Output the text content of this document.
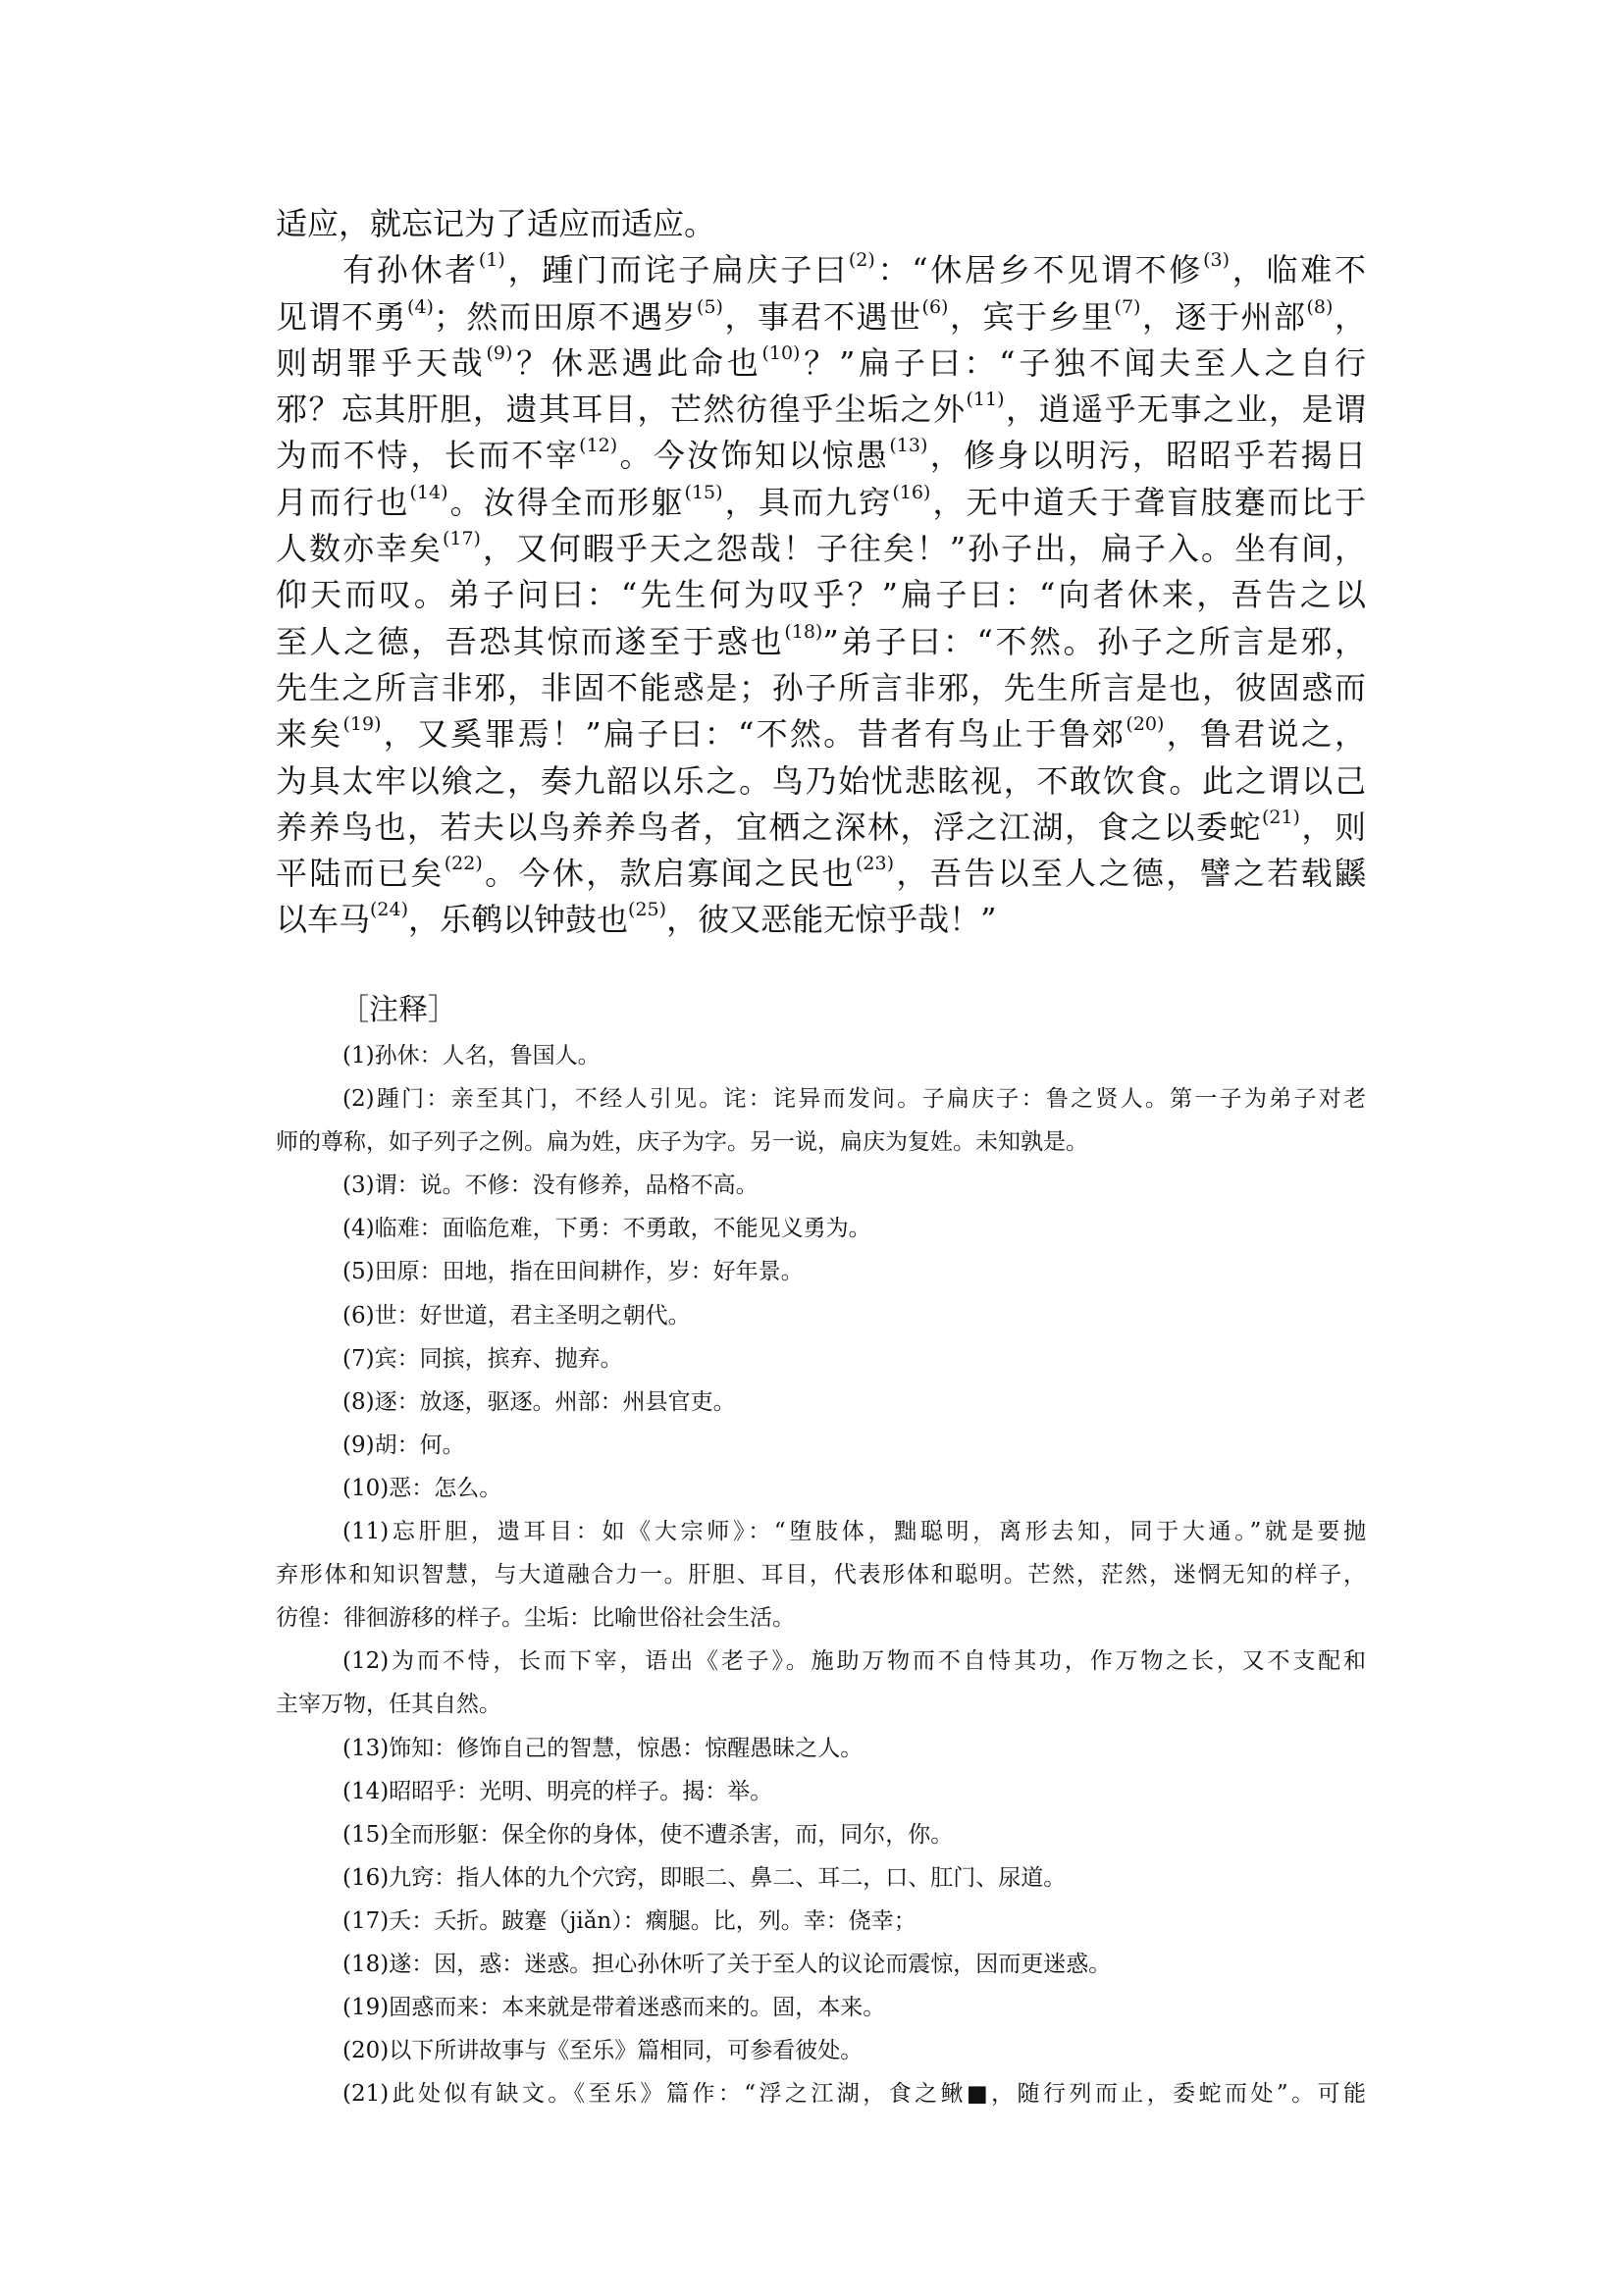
适应，就忘记为了适应而适应。
有孙休者$^{(1)}$，踵门而诧子扁庆子曰$^{(2)}$：“休居乡不见谓不修$^{(3)}$，临难不
见谓不勇$^{(4)}$；然而田原不遇岁$^{(5)}$，事君不遇世$^{(6)}$，宾于乡里$^{(7)}$，逐于州部$^{(8)}$，
则胡罪乎天哉$^{(9)}$？休恶遇此命也$^{(10)}$？”扁子曰：“子独不闻夫至人之自行
邪？忘其肝胆，遗其耳目，芒然彷徨乎尘垢之外$^{(11)}$，逍遥乎无事之业，是谓
为而不恃，长而不宰$^{(12)}$。今汝饰知以惊愚$^{(13)}$，修身以明污，昭昭乎若揭日
月而行也$^{(14)}$。汝得全而形躯$^{(15)}$，具而九窍$^{(16)}$，无中道夭于聋盲肢蹇而比于
人数亦幸矣$^{(17)}$，又何暇乎天之怨哉！子往矣！”孙子出，扁子入。坐有间，
仰天而叹。弟子问曰：“先生何为叹乎？”扁子曰：“向者休来，吾告之以
至人之德，吾恐其惊而遂至于惑也$^{(18)}$”弟子曰：“不然。孙子之所言是邪，
先生之所言非邪，非固不能惑是；孙子所言非邪，先生所言是也，彼固惑而
来矣$^{(19)}$，又奚罪焉！”扁子曰：“不然。昔者有鸟止于鲁郊$^{(20)}$，鲁君说之，
为具太牢以飨之，奏九韶以乐之。鸟乃始忧悲眩视，不敢饮食。此之谓以己
养养鸟也，若夫以鸟养养鸟者，宜栖之深林，浮之江湖，食之以委蛇$^{(21)}$，则
平陆而已矣$^{(22)}$。今休，款启寡闻之民也$^{(23)}$，吾告以至人之德，譬之若载鼷
以车马$^{(24)}$，乐鹌以钟鼓也$^{(25)}$，彼又恶能无惊乎哉！”
［注释］
(1)孙休：人名，鲁国人。
(2)踵门：亲至其门，不经人引见。诧：诧异而发问。子扁庆子：鲁之贤人。第一子为弟子对老
师的尊称，如子列子之例。扁为姓，庆子为字。另一说，扁庆为复姓。未知孰是。
(3)谓：说。不修：没有修养，品格不高。
(4)临难：面临危难，下勇：不勇敢，不能见义勇为。
(5)田原：田地，指在田间耕作，岁：好年景。
(6)世：好世道，君主圣明之朝代。
(7)宾：同摈，摈弃、抛弃。
(8)逐：放逐，驱逐。州部：州县官吏。
(9)胡：何。
(10)恶：怎么。
(11)忘肝胆，遗耳目：如《大宗师》：“堕肢体，黜聪明，离形去知，同于大通。”就是要抛
弃形体和知识智慧，与大道融合力一。肝胆、耳目，代表形体和聪明。芒然，茫然，迷惘无知的样子，
彷徨：徘徊游移的样子。尘垢：比喻世俗社会生活。
(12)为而不恃，长而下宰，语出《老子》。施助万物而不自恃其功，作万物之长，又不支配和
主宰万物，任其自然。
(13)饰知：修饰自己的智慧，惊愚：惊醒愚昧之人。
(14)昭昭乎：光明、明亮的样子。揭：举。
(15)全而形躯：保全你的身体，使不遭杀害，而，同尔，你。
(16)九窍：指人体的九个穴窍，即眼二、鼻二、耳二，口、肛门、尿道。
(17)夭：夭折。跛蹇（jiǎn）：瘸腿。比，列。幸：侥幸；
(18)遂：因，惑：迷惑。担心孙休听了关于至人的议论而震惊，因而更迷惑。
(19)固惑而来：本来就是带着迷惑而来的。固，本来。
(20)以下所讲故事与《至乐》篇相同，可参看彼处。
(21)此处似有缺文。《至乐》篇作：“浮之江湖，食之鳅■，随行列而止，委蛇而处”。可能
